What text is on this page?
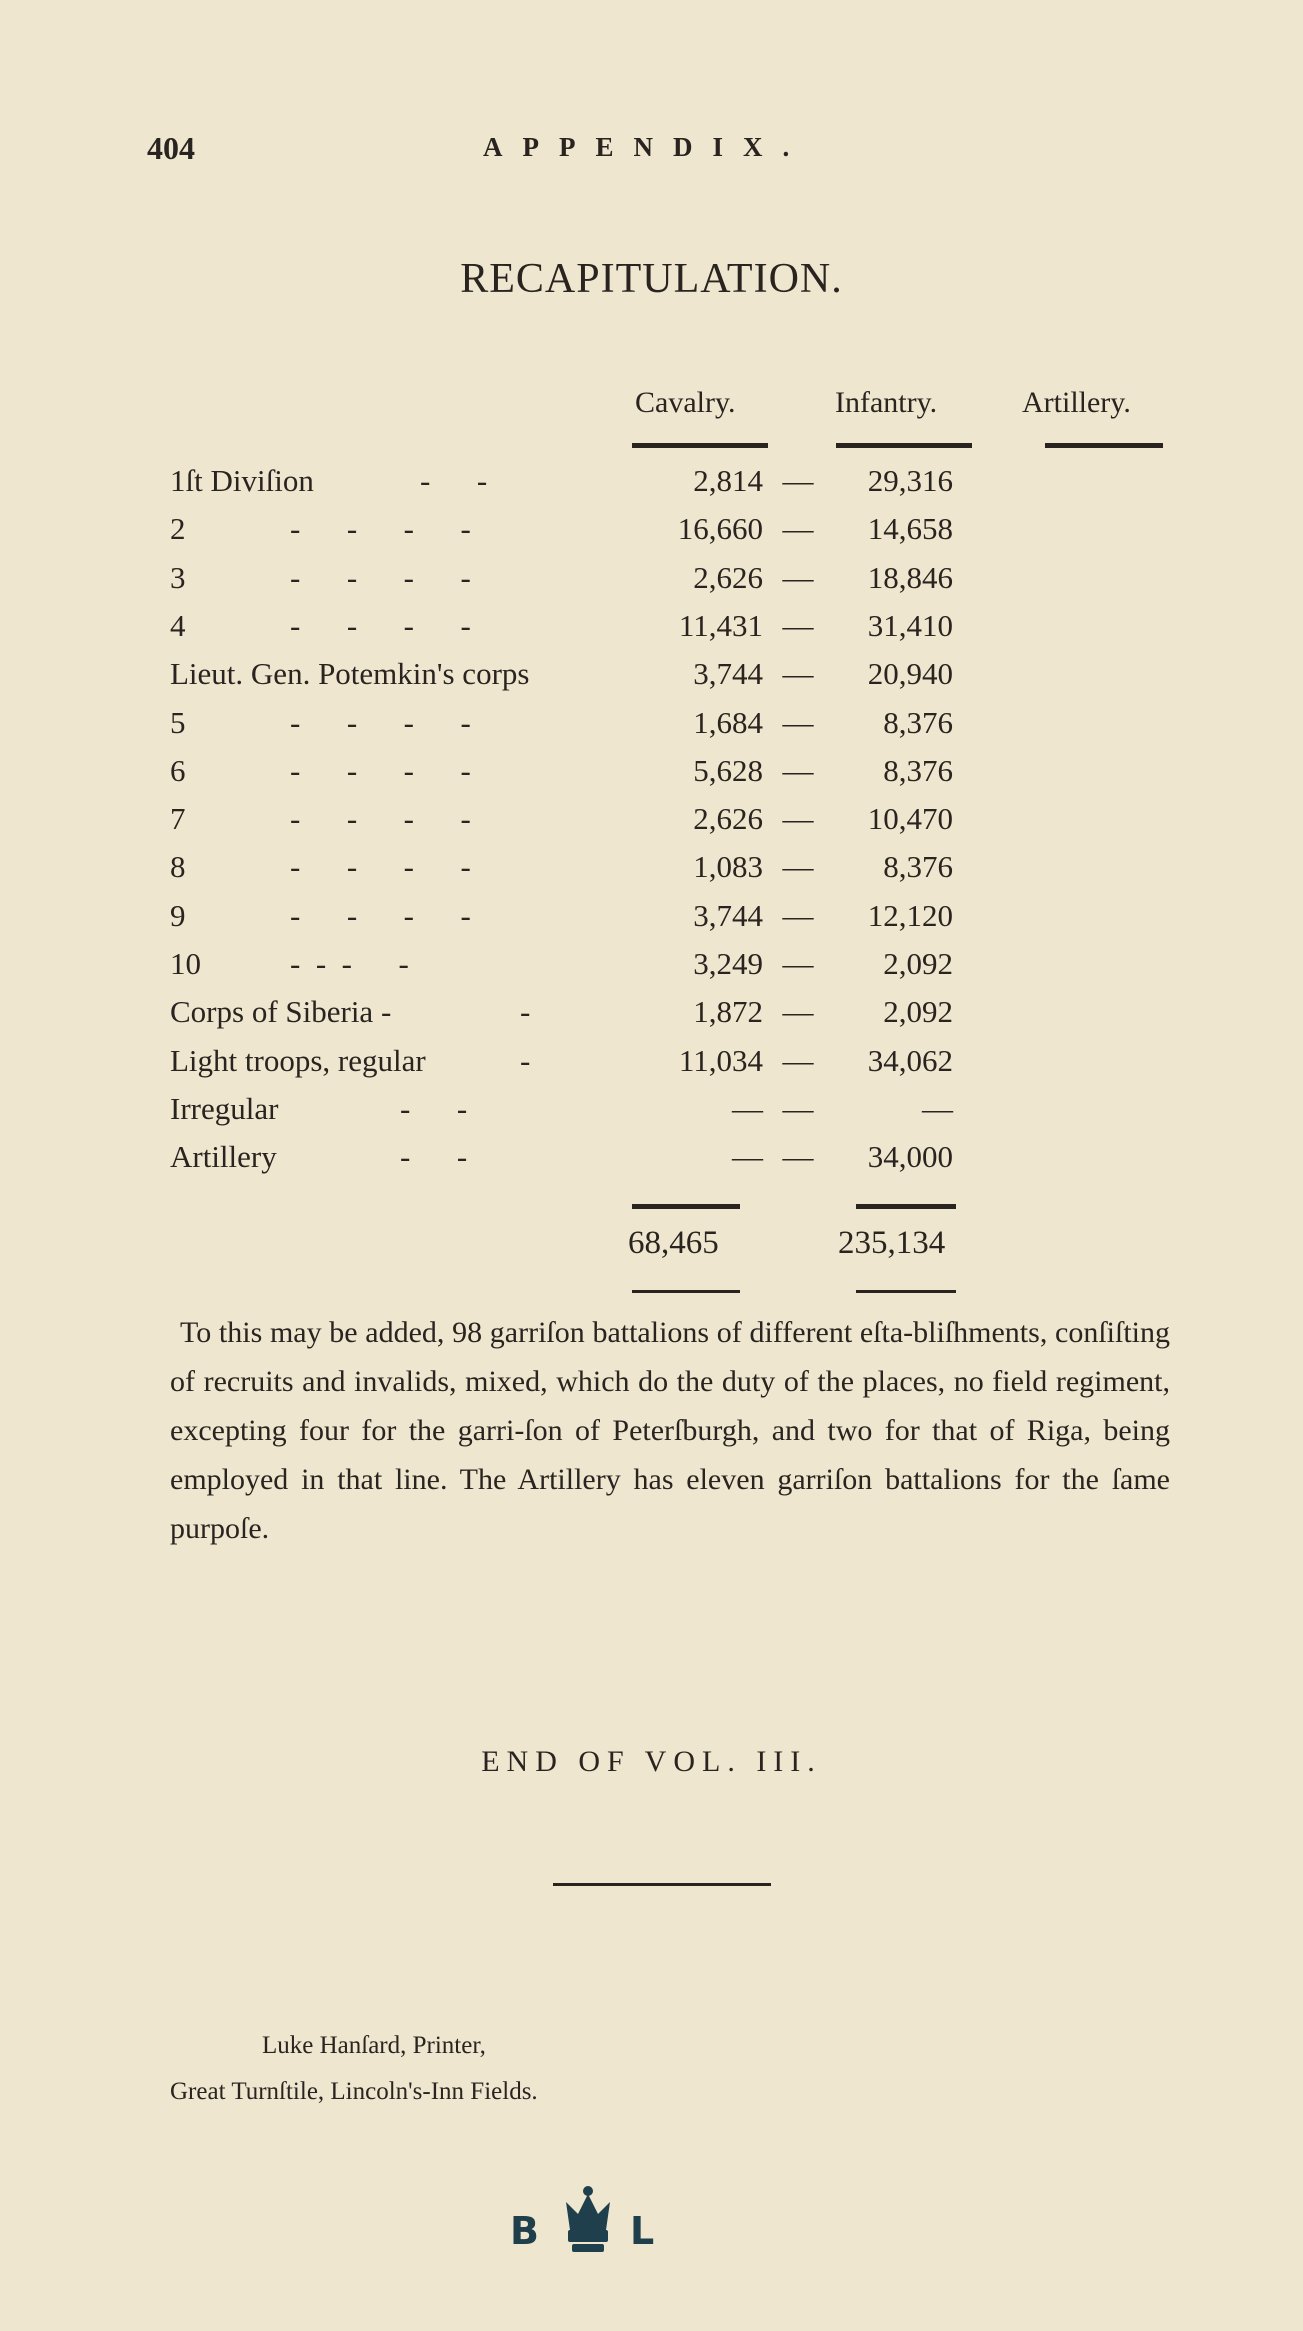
404	APPENDIX.
RECAPITULATION.
Cavalry.	Infantry.	Artillery.
1ſt Diviſion	-      -	2,814 — 29,316
2	-      -      -      -	16,660 — 14,658
3	-      -      -      -	2,626 — 18,846
4	-      -      -      -	11,431 — 31,410
Lieut. Gen. Potemkin's corps	3,744 — 20,940
5	-      -      -      -	1,684 — 8,376
6	-      -      -      -	5,628 — 8,376
7	-      -      -      -	2,626 — 10,470
8	-      -      -      -	1,083 — 8,376
9	-      -      -      -	3,744 — 12,120
10	-  -  -      -	3,249 — 2,092
Corps of Siberia -	-	1,872 — 2,092
Light troops, regular	-	11,034 — 34,062
Irregular	-      -	— —	—
Artillery	-      -	— — 34,000
68,465	235,134
To this may be added, 98 garriſon battalions of different eſta-bliſhments, conſiſting of recruits and invalids, mixed, which do the duty of the places, no field regiment, excepting four for the garri-ſon of Peterſburgh, and two for that of Riga, being employed in that line. The Artillery has eleven garriſon battalions for the ſame purpoſe.
END OF VOL. III.
Luke Hanſard, Printer,
Great Turnſtile, Lincoln's-Inn Fields.
B L
